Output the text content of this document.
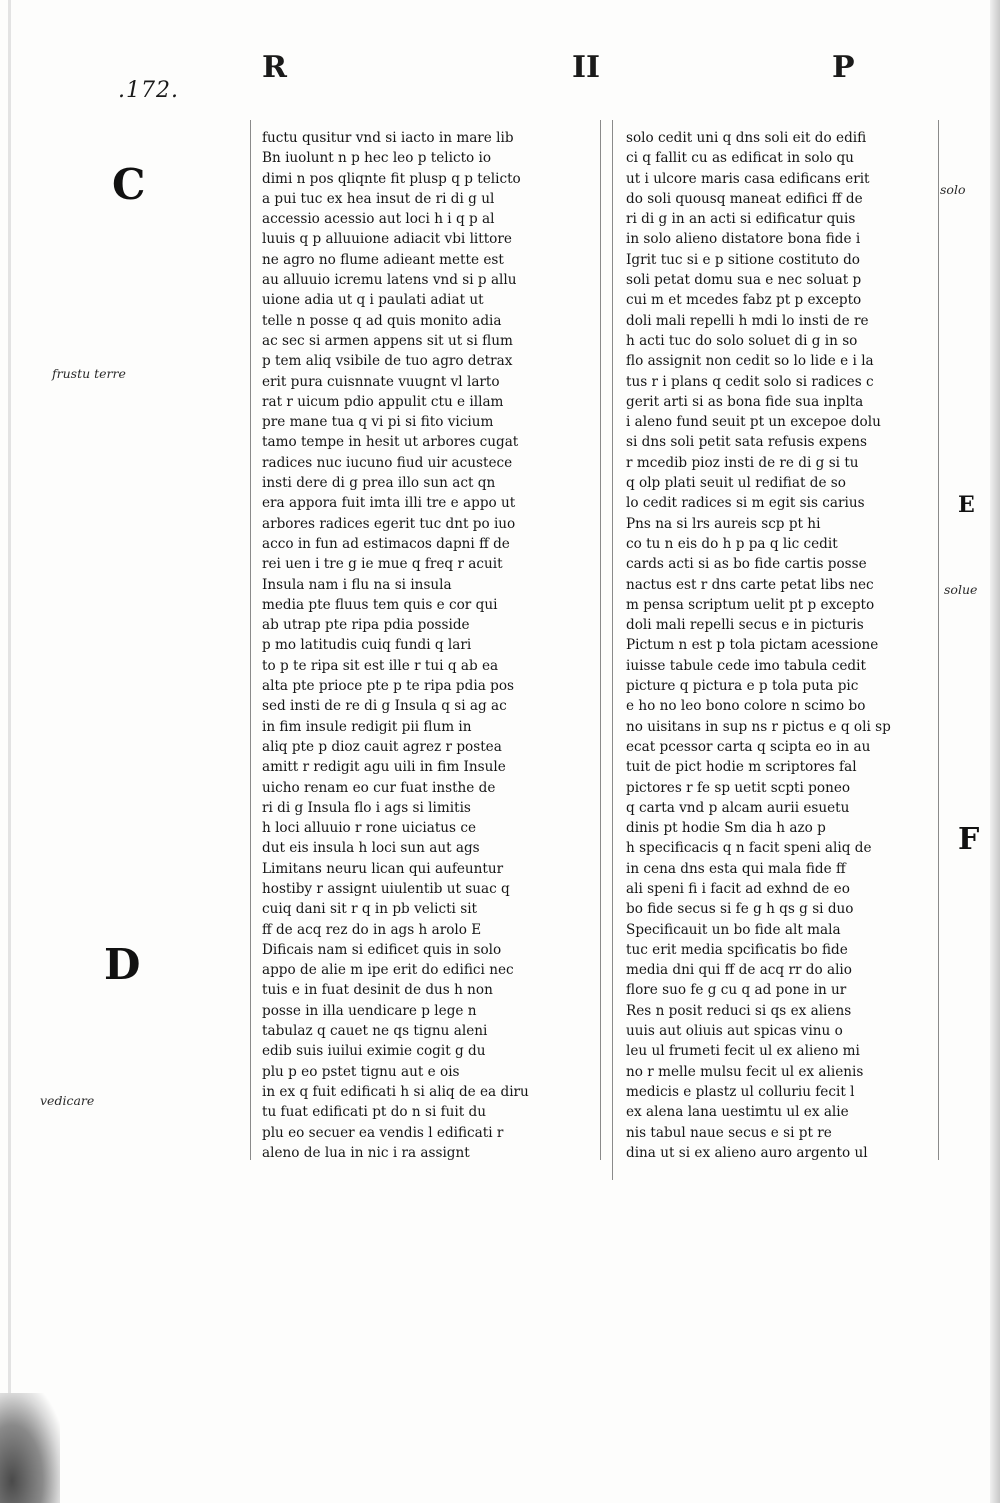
.172.
R	II	P
C
frustu terre
D
vedicare
solo
E
solue
F
fuctu qusitur vnd si iacto in mare lib
Bn iuolunt n p hec leo p telicto io
dimi n pos qliqnte fit plusp q p telicto
a pui tuc ex hea insut de ri di g ul
accessio acessio aut loci h i q p al
luuis q p alluuione adiacit vbi littore
ne agro no flume adieant mette est
au alluuio icremu latens vnd si p allu
uione adia ut q i paulati adiat ut
telle n posse q ad quis monito adia
ac sec si armen appens sit ut si flum
p tem aliq vsibile de tuo agro detrax
erit pura cuisnnate vuugnt vl larto
rat r uicum pdio appulit ctu e illam
pre mane tua q vi pi si fito vicium
tamo tempe in hesit ut arbores cugat
radices nuc iucuno fiud uir acustece
insti dere di g prea illo sun act qn
era appora fuit imta illi tre e appo ut
arbores radices egerit tuc dnt po iuo
acco in fun ad estimacos dapni ff de
rei uen i tre g ie mue q freq r acuit
Insula nam i flu na si insula
media pte fluus tem quis e cor qui
ab utrap pte ripa pdia posside
p mo latitudis cuiq fundi q lari
to p te ripa sit est ille r tui q ab ea
alta pte prioce pte p te ripa pdia pos
sed insti de re di g Insula q si ag ac
in fim insule redigit pii flum in
aliq pte p dioz cauit agrez r postea
amitt r redigit agu uili in fim Insule
uicho renam eo cur fuat insthe de
ri di g Insula flo i ags si limitis
h loci alluuio r rone uiciatus ce
dut eis insula h loci sun aut ags
Limitans neuru lican qui aufeuntur
hostiby r assignt uiulentib ut suac q
cuiq dani sit r q in pb velicti sit
ff de acq rez do in ags h arolo E
Dificais nam si edificet quis in solo
appo de alie m ipe erit do edifici nec
tuis e in fuat desinit de dus h non
posse in illa uendicare p lege n
tabulaz q cauet ne qs tignu aleni
edib suis iuilui eximie cogit g du
plu p eo pstet tignu aut e ois
in ex q fuit edificati h si aliq de ea diru
tu fuat edificati pt do n si fuit du
plu eo secuer ea vendis l edificati r
aleno de lua in nic i ra assignt
solo cedit uni q dns soli eit do edifi
ci q fallit cu as edificat in solo qu
ut i ulcore maris casa edificans erit
do soli quousq maneat edifici ff de
ri di g in an acti si edificatur quis
in solo alieno distatore bona fide i
Igrit tuc si e p sitione costituto do
soli petat domu sua e nec soluat p
cui m et mcedes fabz pt p excepto
doli mali repelli h mdi lo insti de re
h acti tuc do solo soluet di g in so
flo assignit non cedit so lo lide e i la
tus r i plans q cedit solo si radices c
gerit arti si as bona fide sua inplta
i aleno fund seuit pt un excepoe dolu
si dns soli petit sata refusis expens
r mcedib pioz insti de re di g si tu
q olp plati seuit ul redifiat de so
lo cedit radices si m egit sis carius
Pns na si lrs aureis scp pt hi
co tu n eis do h p pa q lic cedit
cards acti si as bo fide cartis posse
nactus est r dns carte petat libs nec
m pensa scriptum uelit pt p excepto
doli mali repelli secus e in picturis
Pictum n est p tola pictam acessione
iuisse tabule cede imo tabula cedit
picture q pictura e p tola puta pic
e ho no leo bono colore n scimo bo
no uisitans in sup ns r pictus e q oli sp
ecat pcessor carta q scipta eo in au
tuit de pict hodie m scriptores fal
pictores r fe sp uetit scpti poneo
q carta vnd p alcam aurii esuetu
dinis pt hodie Sm dia h azo p
h specificacis q n facit speni aliq de
in cena dns esta qui mala fide ff
ali speni fi i facit ad exhnd de eo
bo fide secus si fe g h qs g si duo
Specificauit un bo fide alt mala
tuc erit media spcificatis bo fide
media dni qui ff de acq rr do alio
flore suo fe g cu q ad pone in ur
Res n posit reduci si qs ex aliens
uuis aut oliuis aut spicas vinu o
leu ul frumeti fecit ul ex alieno mi
no r melle mulsu fecit ul ex alienis
medicis e plastz ul colluriu fecit l
ex alena lana uestimtu ul ex alie
nis tabul naue secus e si pt re
dina ut si ex alieno auro argento ul
